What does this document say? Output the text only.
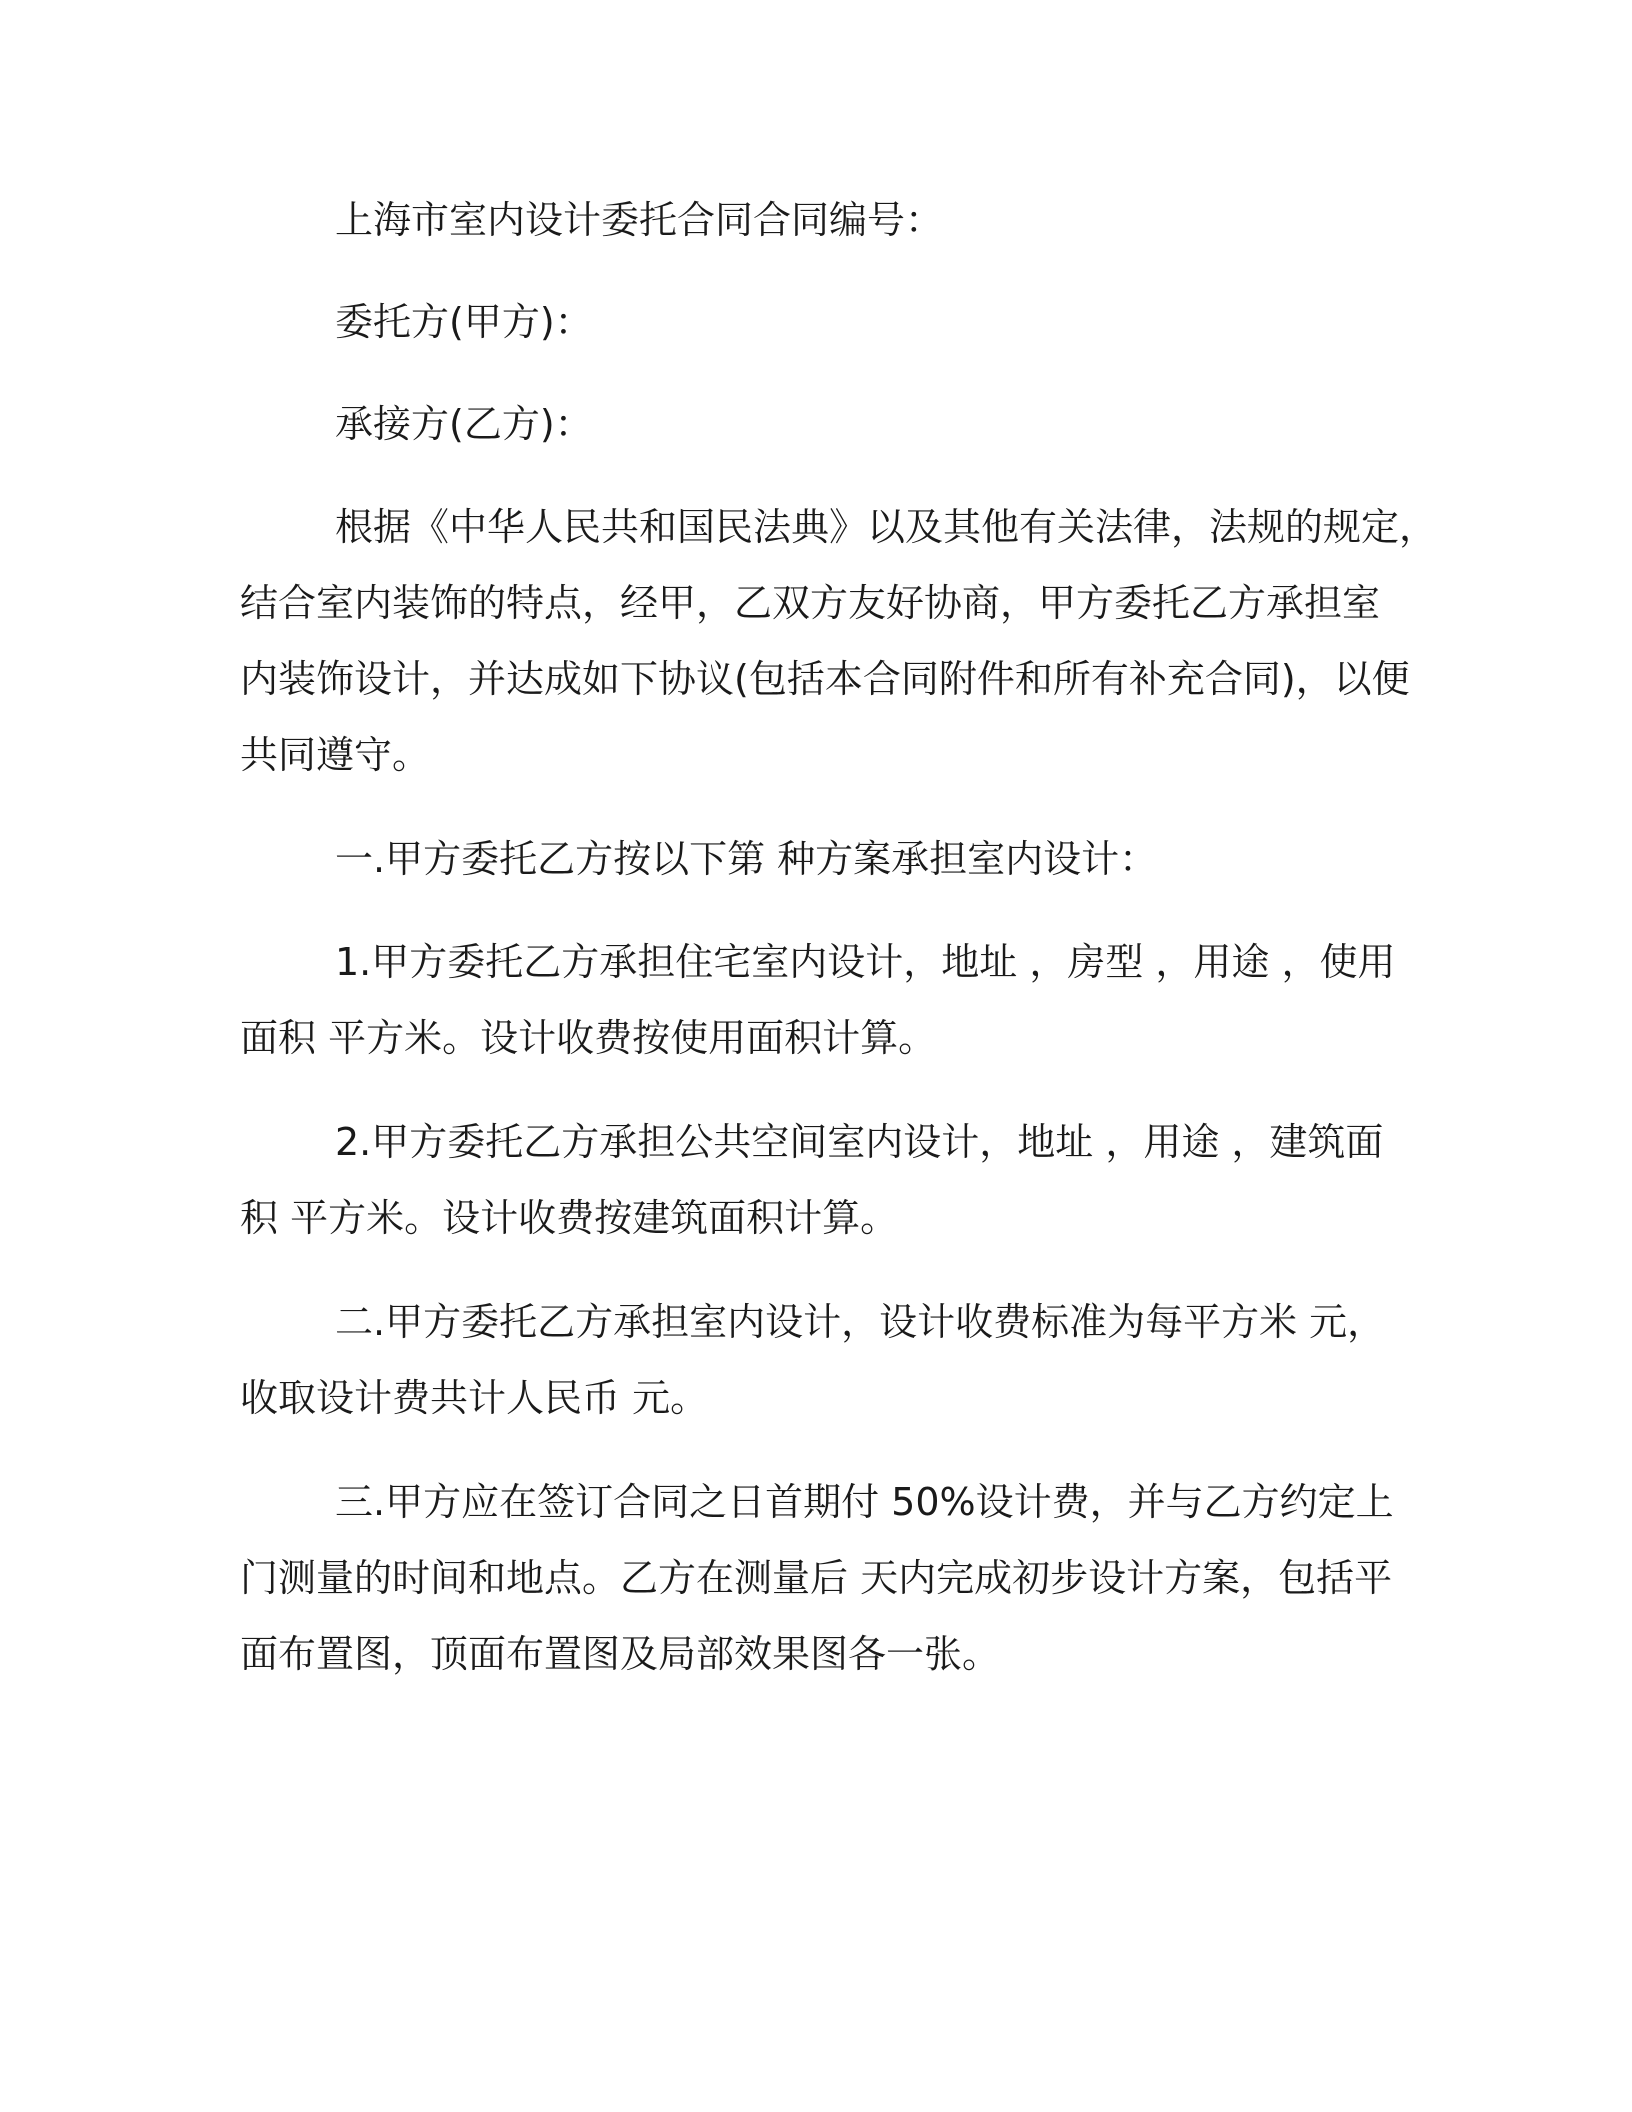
上海市室内设计委托合同合同编号：

委托方(甲方)：

承接方(乙方)：

根据《中华人民共和国民法典》以及其他有关法律，法规的规定，

结合室内装饰的特点，经甲，乙双方友好协商，甲方委托乙方承担室

内装饰设计，并达成如下协议(包括本合同附件和所有补充合同)，以便

共同遵守。

一.甲方委托乙方按以下第 种方案承担室内设计：

1.甲方委托乙方承担住宅室内设计，地址 ，房型 ，用途 ，使用

面积 平方米。设计收费按使用面积计算。

2.甲方委托乙方承担公共空间室内设计，地址 ，用途 ，建筑面

积 平方米。设计收费按建筑面积计算。

二.甲方委托乙方承担室内设计，设计收费标准为每平方米 元，

收取设计费共计人民币 元。

三.甲方应在签订合同之日首期付 50%设计费，并与乙方约定上

门测量的时间和地点。乙方在测量后 天内完成初步设计方案，包括平

面布置图，顶面布置图及局部效果图各一张。
